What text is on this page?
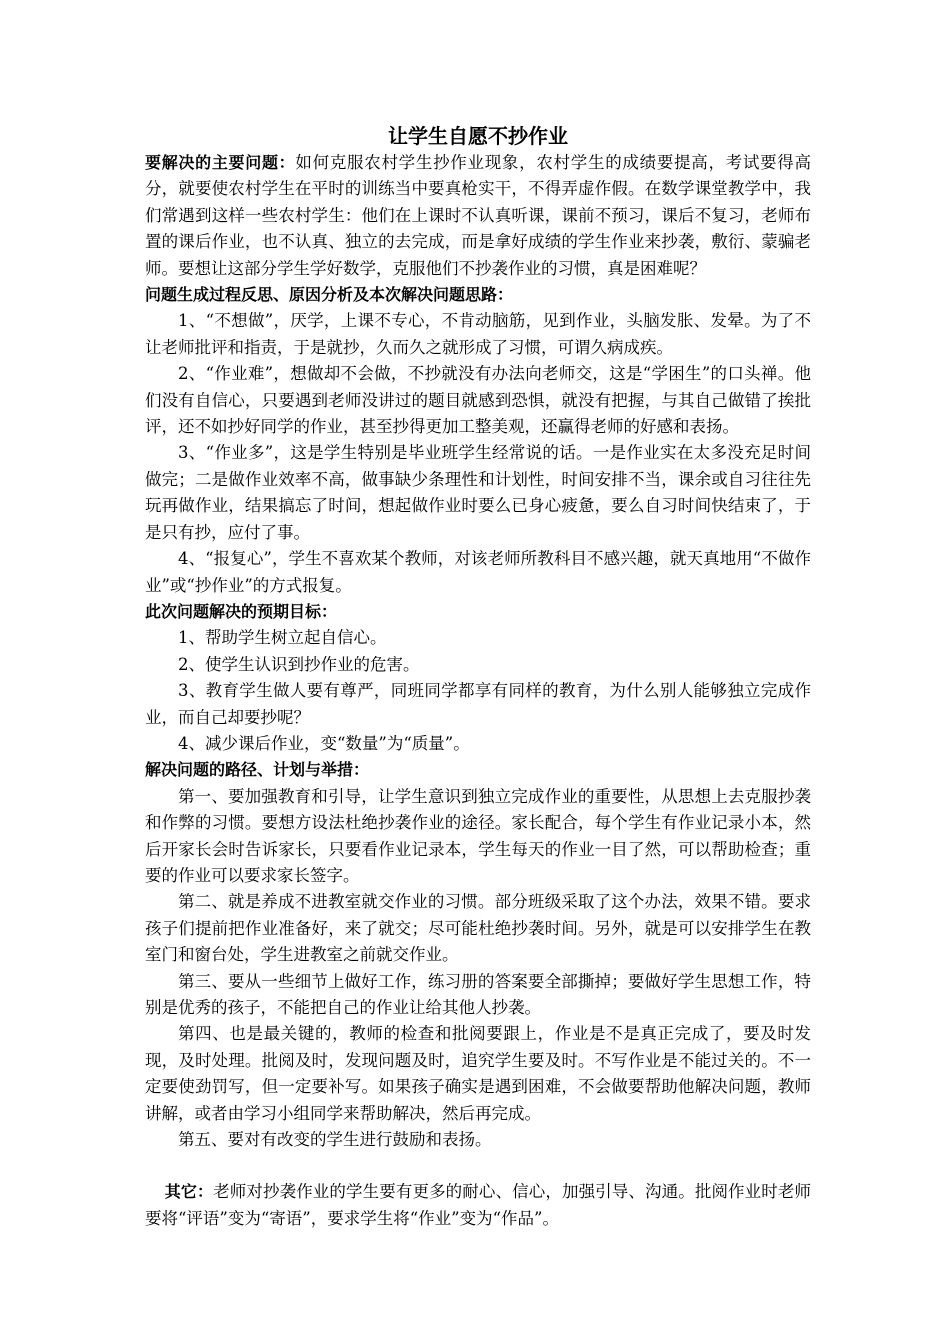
让学生自愿不抄作业

要解决的主要问题：如何克服农村学生抄作业现象，农村学生的成绩要提高，考试要得高分，就要使农村学生在平时的训练当中要真枪实干，不得弄虚作假。在数学课堂教学中，我们常遇到这样一些农村学生：他们在上课时不认真听课，课前不预习，课后不复习，老师布置的课后作业，也不认真、独立的去完成，而是拿好成绩的学生作业来抄袭，敷衍、蒙骗老师。要想让这部分学生学好数学，克服他们不抄袭作业的习惯，真是困难呢？

问题生成过程反思、原因分析及本次解决问题思路：

1、“不想做”，厌学，上课不专心，不肯动脑筋，见到作业，头脑发胀、发晕。为了不让老师批评和指责，于是就抄，久而久之就形成了习惯，可谓久病成疾。

2、“作业难”，想做却不会做，不抄就没有办法向老师交，这是“学困生”的口头禅。他们没有自信心，只要遇到老师没讲过的题目就感到恐惧，就没有把握，与其自己做错了挨批评，还不如抄好同学的作业，甚至抄得更加工整美观，还赢得老师的好感和表扬。

3、“作业多”，这是学生特别是毕业班学生经常说的话。一是作业实在太多没充足时间做完；二是做作业效率不高，做事缺少条理性和计划性，时间安排不当，课余或自习往往先玩再做作业，结果搞忘了时间，想起做作业时要么已身心疲惫，要么自习时间快结束了，于是只有抄，应付了事。

4、“报复心”，学生不喜欢某个教师，对该老师所教科目不感兴趣，就天真地用“不做作业”或“抄作业”的方式报复。

此次问题解决的预期目标：

1、帮助学生树立起自信心。

2、使学生认识到抄作业的危害。

3、教育学生做人要有尊严，同班同学都享有同样的教育，为什么别人能够独立完成作业，而自己却要抄呢？

4、减少课后作业，变“数量”为“质量”。

解决问题的路径、计划与举措：

第一、要加强教育和引导，让学生意识到独立完成作业的重要性，从思想上去克服抄袭和作弊的习惯。要想方设法杜绝抄袭作业的途径。家长配合，每个学生有作业记录小本，然后开家长会时告诉家长，只要看作业记录本，学生每天的作业一目了然，可以帮助检查；重要的作业可以要求家长签字。

第二、就是养成不进教室就交作业的习惯。部分班级采取了这个办法，效果不错。要求孩子们提前把作业准备好，来了就交；尽可能杜绝抄袭时间。另外，就是可以安排学生在教室门和窗台处，学生进教室之前就交作业。

第三、要从一些细节上做好工作，练习册的答案要全部撕掉；要做好学生思想工作，特别是优秀的孩子，不能把自己的作业让给其他人抄袭。

第四、也是最关键的，教师的检查和批阅要跟上，作业是不是真正完成了，要及时发现，及时处理。批阅及时，发现问题及时，追究学生要及时。不写作业是不能过关的。不一定要使劲罚写，但一定要补写。如果孩子确实是遇到困难，不会做要帮助他解决问题，教师讲解，或者由学习小组同学来帮助解决，然后再完成。

第五、要对有改变的学生进行鼓励和表扬。

其它：老师对抄袭作业的学生要有更多的耐心、信心，加强引导、沟通。批阅作业时老师要将“评语”变为“寄语”，要求学生将“作业”变为“作品”。
